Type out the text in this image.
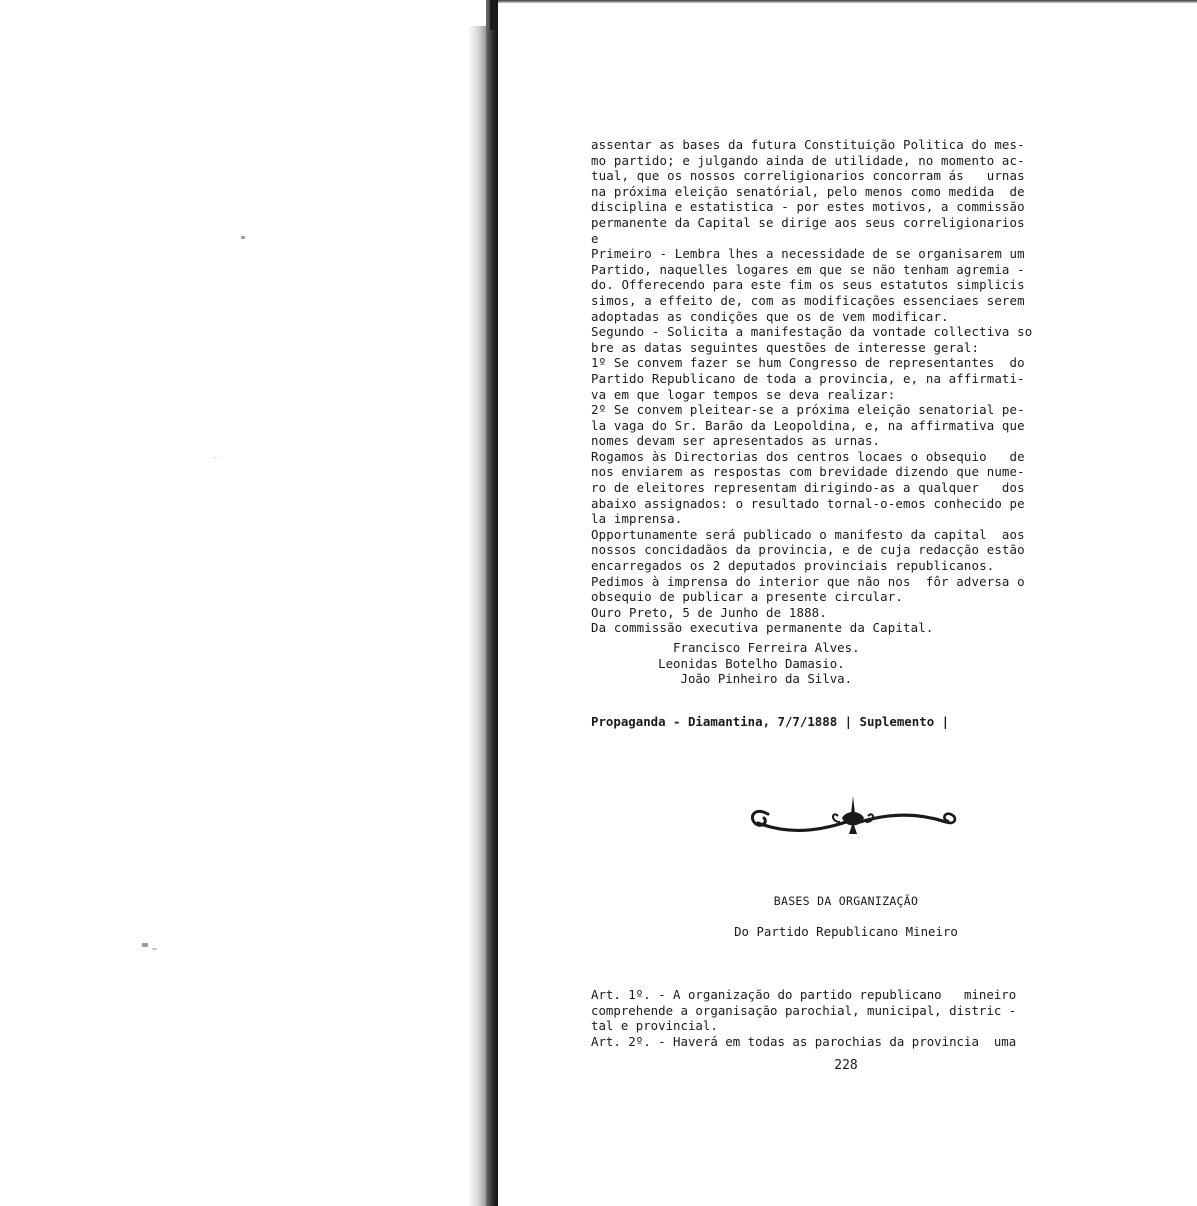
assentar as bases da futura Constituição Politica do mes-
mo partido; e julgando ainda de utilidade, no momento ac-
tual, que os nossos correligionarios concorram ás   urnas
na próxima eleição senatórial, pelo menos como medida  de
disciplina e estatistica - por estes motivos, a commissão
permanente da Capital se dirige aos seus correligionarios
e
Primeiro - Lembra lhes a necessidade de se organisarem um
Partido, naquelles logares em que se não tenham agremia -
do. Offerecendo para este fim os seus estatutos simplicis
simos, a effeito de, com as modificações essenciaes serem
adoptadas as condições que os de vem modificar.
Segundo - Solicita a manifestação da vontade collectiva so
bre as datas seguintes questões de interesse geral:
1º Se convem fazer se hum Congresso de representantes  do
Partido Republicano de toda a provincia, e, na affirmati-
va em que logar tempos se deva realizar:
2º Se convem pleitear-se a próxima eleição senatorial pe-
la vaga do Sr. Barão da Leopoldina, e, na affirmativa que
nomes devam ser apresentados as urnas.
Rogamos às Directorias dos centros locaes o obsequio   de
nos enviarem as respostas com brevidade dizendo que nume-
ro de eleitores representam dirigindo-as a qualquer   dos
abaixo assignados: o resultado tornal-o-emos conhecido pe
la imprensa.
Opportunamente será publicado o manifesto da capital  aos
nossos concidadãos da provincia, e de cuja redacção estão
encarregados os 2 deputados provinciais republicanos.
Pedimos à imprensa do interior que não nos  fôr adversa o
obsequio de publicar a presente circular.
Ouro Preto, 5 de Junho de 1888.
Da commissão executiva permanente da Capital.
Francisco Ferreira Alves.
Leonidas Botelho Damasio.
João Pinheiro da Silva.
Propaganda - Diamantina, 7/7/1888 | Suplemento |
BASES DA ORGANIZAÇÃO
Do Partido Republicano Mineiro
Art. 1º. - A organização do partido republicano   mineiro
comprehende a organisação parochial, municipal, distric -
tal e provincial.
Art. 2º. - Haverá em todas as parochias da provincia  uma
228
